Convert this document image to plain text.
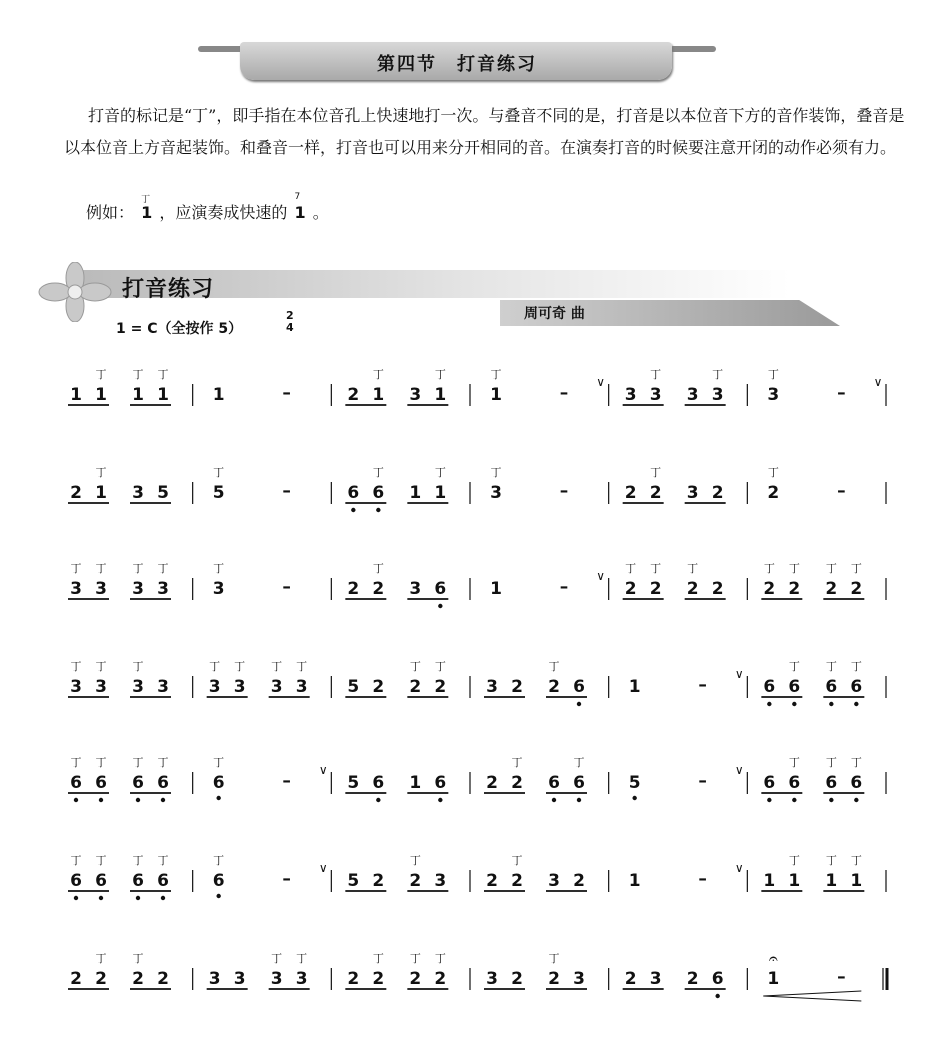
第四节　打音练习

打音的标记是“丁”，即手指在本位音孔上快速地打一次。与叠音不同的是，打音是以本位音下方的音作装饰，叠音是以本位音上方音起装饰。和叠音一样，打音也可以用来分开相同的音。在演奏打音的时候要注意开闭的动作必须有力。

例如：
丁
1 ，应演奏成快速的
7
1 。
打音练习
周可奇 曲
1 = C（全按作 5）
2
4
1 1
丁
1
丁
1
丁
1	–	2 1
丁
3 1
丁
1
丁
–
∨
3 3
丁
3 3
丁
3
丁
–
∨
2 1
丁
3 5	5
丁
–	6 6
丁
1 1
丁
3
丁
–	2 2
丁
3 2	2
丁
–
3
丁
3
丁
3
丁
3
丁
3
丁
–	2 2
丁
3 6	1	–
∨
2
丁
2
丁
2
丁
2 2
丁
2
丁
2
丁
2
丁
3
丁
3
丁
3
丁
3 3
丁
3
丁
3
丁
3
丁
5 2 2
丁
2
丁
3 2 2
丁
6	1	–
∨
6 6
丁
6
丁
6
丁
6
丁
6
丁
6
丁
6
丁
6
丁
–
∨
5 6 1 6 2 2
丁
6 6
丁
5	–
∨
6 6
丁
6
丁
6
丁
6
丁
6
丁
6
丁
6
丁
6
丁
–
∨
5 2 2
丁
3 2 2
丁
3 2	1	–
∨
1 1
丁
1
丁
1
丁
2 2
丁
2
丁
2 3 3 3
丁
3
丁
2 2
丁
2
丁
2
丁
3 2 2
丁
3 2 3 2 6	1	–
𝄐
